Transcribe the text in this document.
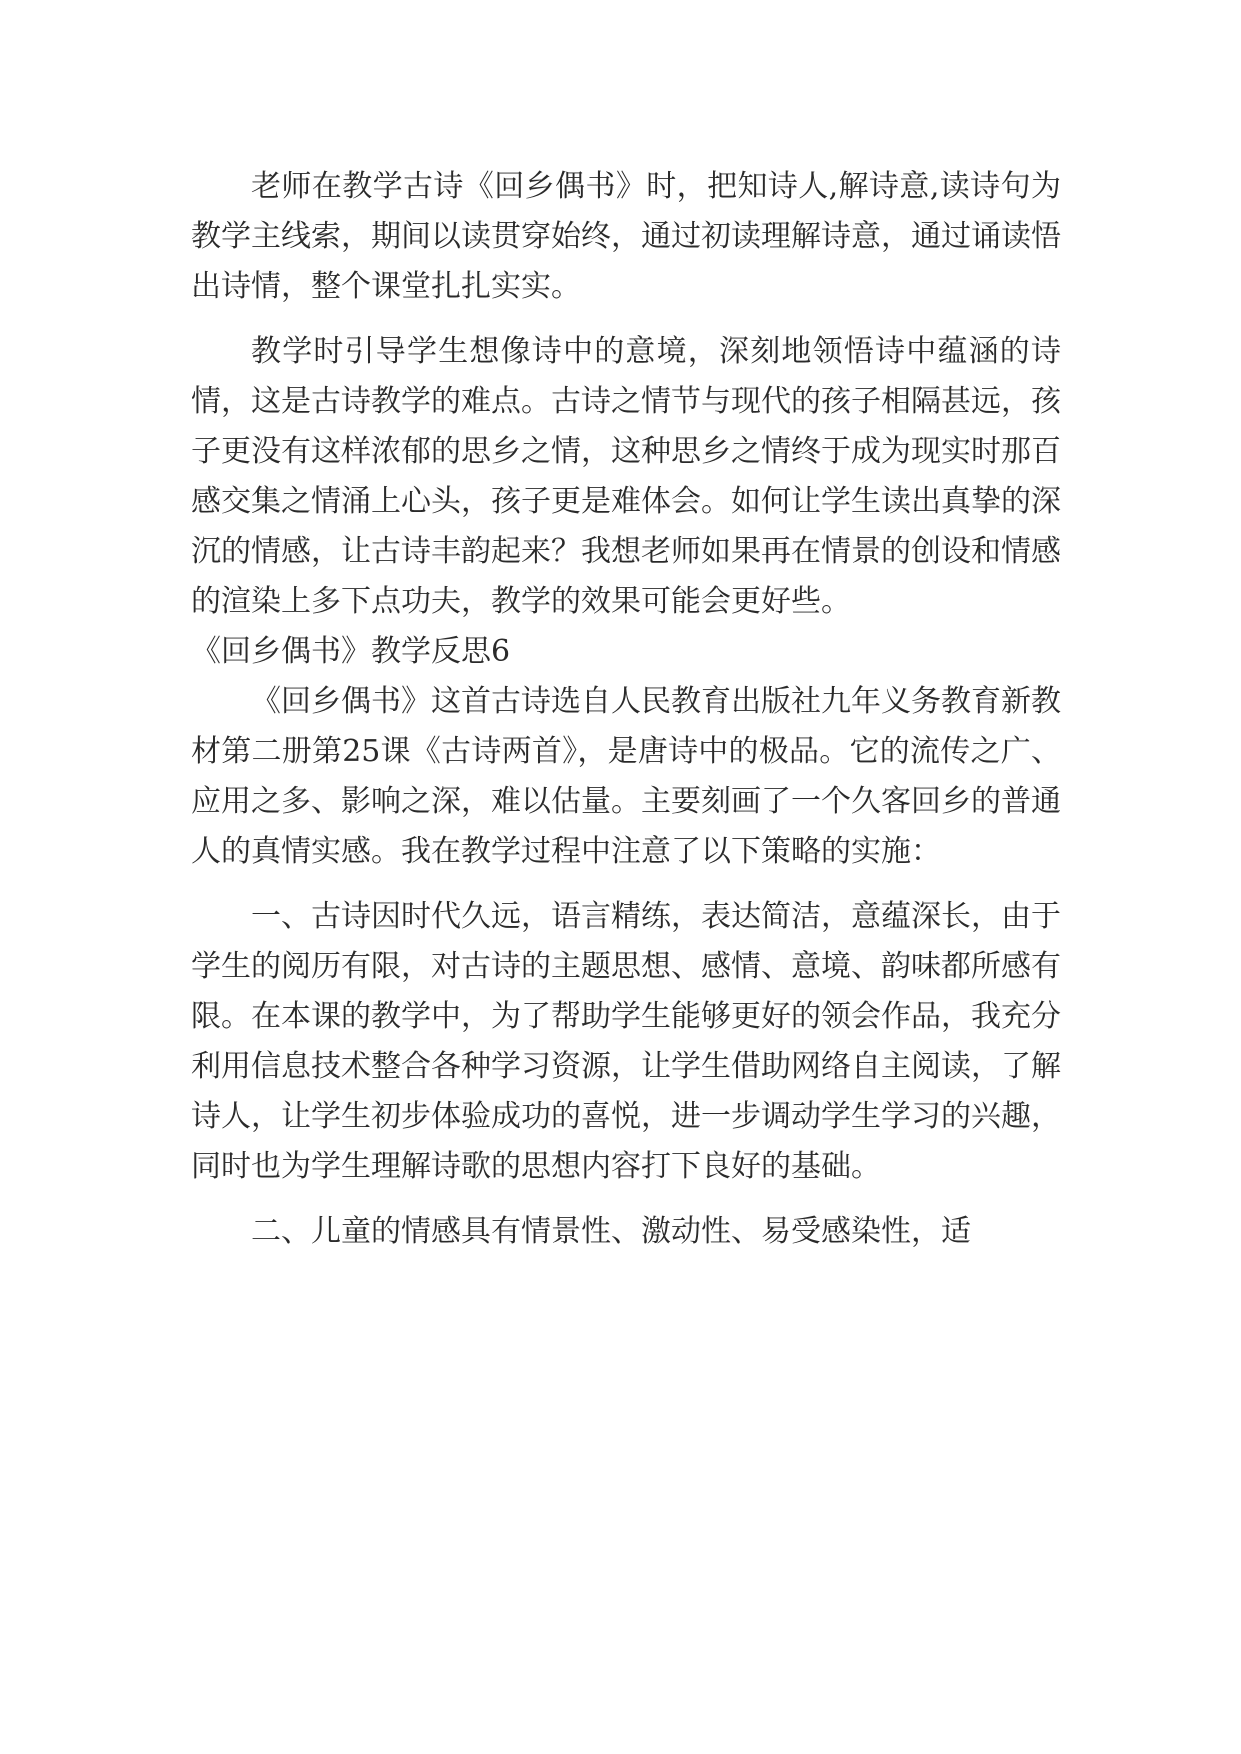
老师在教学古诗《回乡偶书》时，把知诗人,解诗意,读诗句为教学主线索，期间以读贯穿始终，通过初读理解诗意，通过诵读悟出诗情，整个课堂扎扎实实。

教学时引导学生想像诗中的意境，深刻地领悟诗中蕴涵的诗情，这是古诗教学的难点。古诗之情节与现代的孩子相隔甚远，孩子更没有这样浓郁的思乡之情，这种思乡之情终于成为现实时那百感交集之情涌上心头，孩子更是难体会。如何让学生读出真挚的深沉的情感，让古诗丰韵起来？我想老师如果再在情景的创设和情感的渲染上多下点功夫，教学的效果可能会更好些。

《回乡偶书》教学反思6

《回乡偶书》这首古诗选自人民教育出版社九年义务教育新教材第二册第25课《古诗两首》，是唐诗中的极品。它的流传之广、应用之多、影响之深，难以估量。主要刻画了一个久客回乡的普通人的真情实感。我在教学过程中注意了以下策略的实施：

一、古诗因时代久远，语言精练，表达简洁，意蕴深长，由于学生的阅历有限，对古诗的主题思想、感情、意境、韵味都所感有限。在本课的教学中，为了帮助学生能够更好的领会作品，我充分利用信息技术整合各种学习资源，让学生借助网络自主阅读，了解诗人，让学生初步体验成功的喜悦，进一步调动学生学习的兴趣，同时也为学生理解诗歌的思想内容打下良好的基础。

二、儿童的情感具有情景性、激动性、易受感染性，适
